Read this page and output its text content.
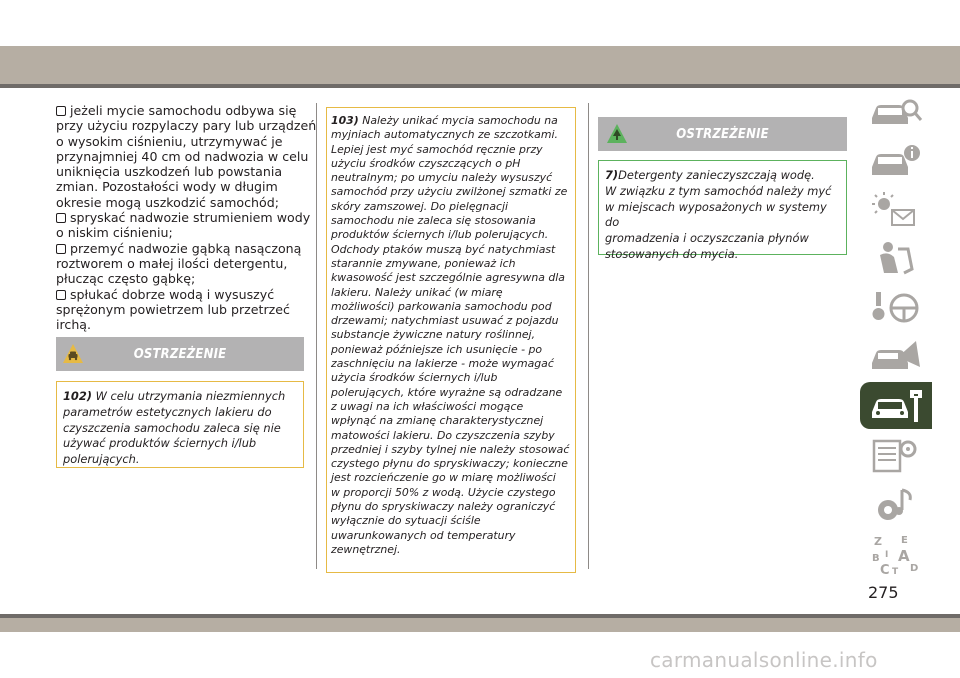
jeżeli mycie samochodu odbywa się
przy użyciu rozpylaczy pary lub urządzeń
o wysokim ciśnieniu, utrzymywać je
przynajmniej 40 cm od nadwozia w celu
uniknięcia uszkodzeń lub powstania
zmian. Pozostałości wody w długim
okresie mogą uszkodzić samochód;
spryskać nadwozie strumieniem wody
o niskim ciśnieniu;
przemyć nadwozie gąbką nasączoną
roztworem o małej ilości detergentu,
płucząc często gąbkę;
spłukać dobrze wodą i wysuszyć
sprężonym powietrzem lub przetrzeć
irchą.
OSTRZEŻENIE
102) W celu utrzymania niezmiennych
parametrów estetycznych lakieru do
czyszczenia samochodu zaleca się nie
używać produktów ściernych i/lub
polerujących.
103) Należy unikać mycia samochodu na
myjniach automatycznych ze szczotkami.
Lepiej jest myć samochód ręcznie przy
użyciu środków czyszczących o pH
neutralnym; po umyciu należy wysuszyć
samochód przy użyciu zwilżonej szmatki ze
skóry zamszowej. Do pielęgnacji
samochodu nie zaleca się stosowania
produktów ściernych i/lub polerujących.
Odchody ptaków muszą być natychmiast
starannie zmywane, ponieważ ich
kwasowość jest szczególnie agresywna dla
lakieru. Należy unikać (w miarę
możliwości) parkowania samochodu pod
drzewami; natychmiast usuwać z pojazdu
substancje żywiczne natury roślinnej,
ponieważ późniejsze ich usunięcie - po
zaschnięciu na lakierze - może wymagać
użycia środków ściernych i/lub
polerujących, które wyrażne są odradzane
z uwagi na ich właściwości mogące
wpłynąć na zmianę charakterystycznej
matowości lakieru. Do czyszczenia szyby
przedniej i szyby tylnej nie należy stosować
czystego płynu do spryskiwaczy; konieczne
jest rozcieńczenie go w miarę możliwości
w proporcji 50% z wodą. Użycie czystego
płynu do spryskiwaczy należy ograniczyć
wyłącznie do sytuacji ściśle
uwarunkowanych od temperatury
zewnętrznej.
OSTRZEŻENIE
7)Detergenty zanieczyszczają wodę.
W związku z tym samochód należy myć
w miejscach wyposażonych w systemy do
gromadzenia i oczyszczania płynów
stosowanych do mycia.
Z E
B A
C D
I
T
275
carmanualsonline.info
